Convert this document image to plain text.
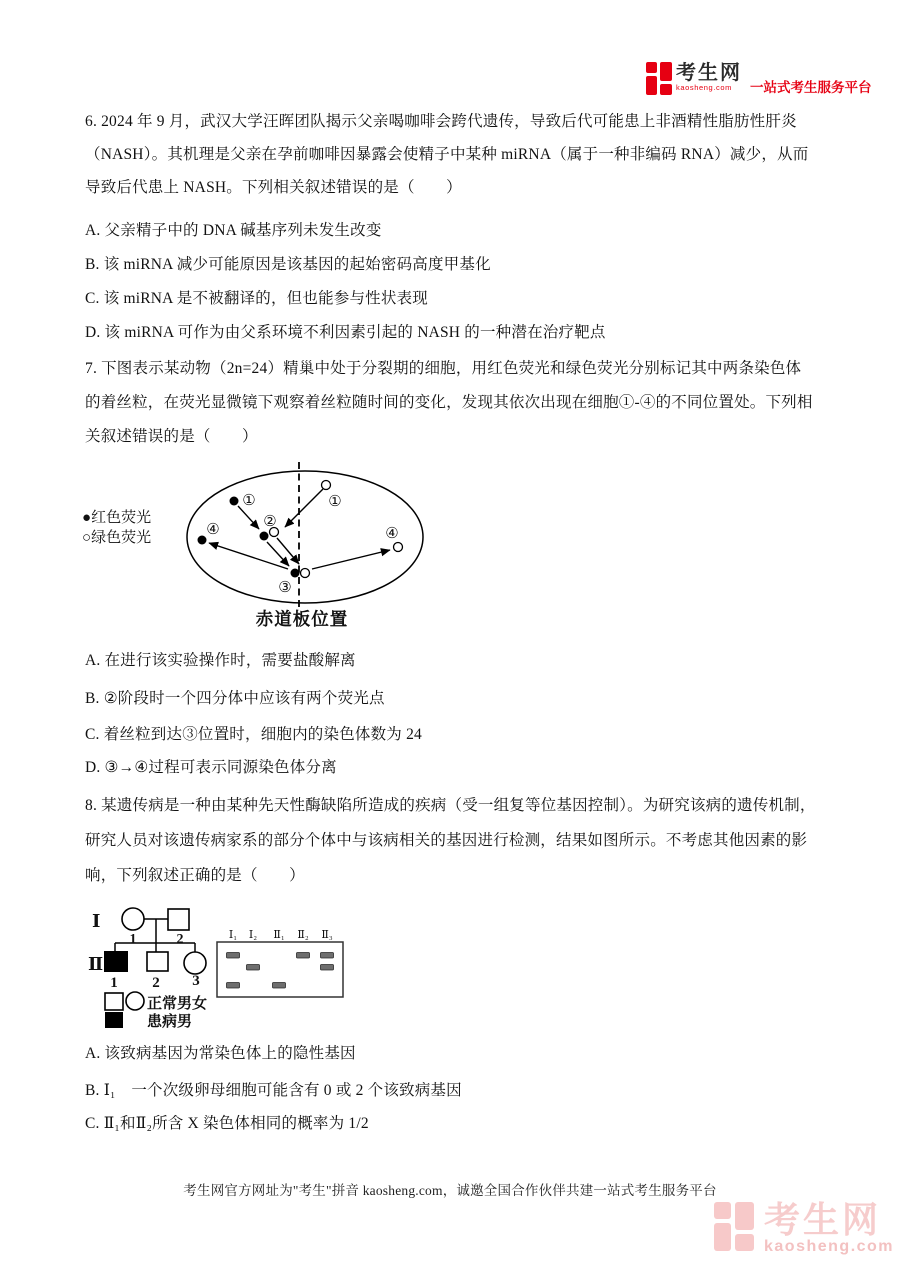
考生网
kaosheng.com	一站式考生服务平台
6. 2024 年 9 月，武汉大学汪晖团队揭示父亲喝咖啡会跨代遗传，导致后代可能患上非酒精性脂肪性肝炎
（NASH）。其机理是父亲在孕前咖啡因暴露会使精子中某种 miRNA（属于一种非编码 RNA）减少，从而
导致后代患上 NASH。下列相关叙述错误的是（　　）
A. 父亲精子中的 DNA 碱基序列未发生改变
B. 该 miRNA 减少可能原因是该基因的起始密码高度甲基化
C. 该 miRNA 是不被翻译的，但也能参与性状表现
D. 该 miRNA 可作为由父系环境不利因素引起的 NASH 的一种潜在治疗靶点
7. 下图表示某动物（2n=24）精巢中处于分裂期的细胞，用红色荧光和绿色荧光分别标记其中两条染色体
的着丝粒，在荧光显微镜下观察着丝粒随时间的变化，发现其依次出现在细胞①-④的不同位置处。下列相
关叙述错误的是（　　）
●红色荧光
○绿色荧光
①	①
②
③
④	④
赤道板位置
A. 在进行该实验操作时，需要盐酸解离
B. ②阶段时一个四分体中应该有两个荧光点
C. 着丝粒到达③位置时，细胞内的染色体数为 24
D. ③→④过程可表示同源染色体分离
8. 某遗传病是一种由某种先天性酶缺陷所造成的疾病（受一组复等位基因控制）。为研究该病的遗传机制，
研究人员对该遗传病家系的部分个体中与该病相关的基因进行检测，结果如图所示。不考虑其他因素的影
响，下列叙述正确的是（　　）
Ⅰ
Ⅱ
1	2
1 2 3
正常男女
患病男
Ⅰ₁ Ⅰ₂ Ⅱ₁ Ⅱ₂ Ⅱ₃
A. 该致病基因为常染色体上的隐性基因
B. Ⅰ₁　一个次级卵母细胞可能含有 0 或 2 个该致病基因
C. Ⅱ₁和Ⅱ₂所含 X 染色体相同的概率为 1/2
考生网官方网址为"考生"拼音 kaosheng.com，诚邀全国合作伙伴共建一站式考生服务平台
考生网
kaosheng.com
